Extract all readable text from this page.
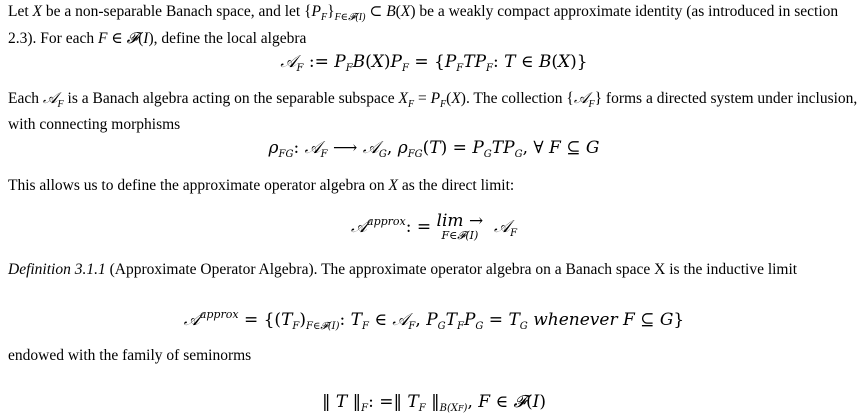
Let X be a non-separable Banach space, and let $\{P_F\}_{F\in 𝓕(I)}$ ⊂ B(X) be a weakly compact approximate identity (as introduced in section 2.3). For each F ∈ 𝓕(I), define the local algebra

𝒜$_F$ := $P_FB(X)P_F = \{P_FTP_F$: T ∈ B(X)}

Each 𝒜$_F$ is a Banach algebra acting on the separable subspace $X_F = P_F(X)$. The collection {𝒜$_F$} forms a directed system under inclusion, with connecting morphisms

$\rho_{FG}$: 𝒜$_F$ ⟶ 𝒜$_G$, $\rho_{FG}(T) = P_GTP_G$, ∀ F ⊆ G

This allows us to define the approximate operator algebra on X as the direct limit:

𝒜$^{approx}$: = lim →
F∈𝓕(I) 𝒜$_F$

Definition 3.1.1 (Approximate Operator Algebra). The approximate operator algebra on a Banach space X is the inductive limit

𝒜$^{approx}$ = {$(T_F)_{F\in 𝓕(I)}$: $T_F$ ∈ 𝒜$_F$, $P_GT_FP_G = T_G$ whenever F ⊆ G}

endowed with the family of seminorms

‖ T $‖_F$: =‖ $T_F$ $‖_{B(XF)}$, F ∈ 𝓕(I)
